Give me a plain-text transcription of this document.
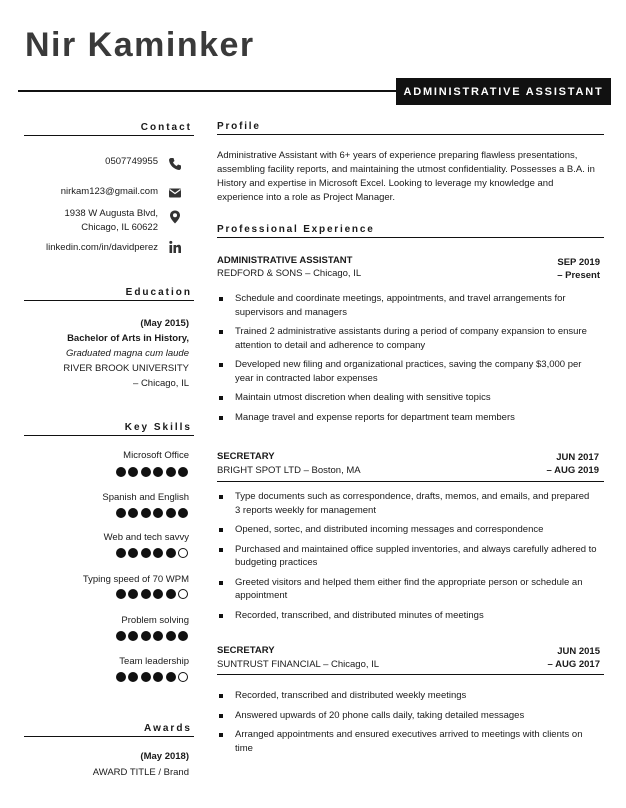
Nir Kaminker
ADMINISTRATIVE ASSISTANT
Contact
0507749955
nirkam123@gmail.com
1938 W Augusta Blvd,
Chicago, IL 60622
linkedin.com/in/davidperez
Education
(May 2015)
Bachelor of Arts in History,
Graduated magna cum laude
RIVER BROOK UNIVERSITY
– Chicago, IL
Key Skills
Microsoft Office
Spanish and English
Web and tech savvy
Typing speed of 70 WPM
Problem solving
Team leadership
Awards
(May 2018)
AWARD TITLE / Brand
Profile
Administrative Assistant with 6+ years of experience preparing flawless presentations, assembling facility reports, and maintaining the utmost confidentiality. Possesses a B.A. in History and expertise in Microsoft Excel. Looking to leverage my knowledge and experience into a role as Project Manager.
Professional Experience
ADMINISTRATIVE ASSISTANT
REDFORD & SONS – Chicago, IL
SEP 2019
– Present
Schedule and coordinate meetings, appointments, and travel arrangements for supervisors and managers
Trained 2 administrative assistants during a period of company expansion to ensure attention to detail and adherence to company
Developed new filing and organizational practices, saving the company $3,000 per year in contracted labor expenses
Maintain utmost discretion when dealing with sensitive topics
Manage travel and expense reports for department team members
SECRETARY
BRIGHT SPOT LTD – Boston, MA
JUN 2017
– AUG 2019
Type documents such as correspondence, drafts, memos, and emails, and prepared 3 reports weekly for management
Opened, sortec, and distributed incoming messages and correspondence
Purchased and maintained office suppled inventories, and always carefully adhered to budgeting practices
Greeted visitors and helped them either find the appropriate person or schedule an appointment
Recorded, transcribed, and distributed minutes of meetings
SECRETARY
SUNTRUST FINANCIAL – Chicago, IL
JUN 2015
– AUG 2017
Recorded, transcribed and distributed weekly meetings
Answered upwards of 20 phone calls daily, taking detailed messages
Arranged appointments and ensured executives arrived to meetings with clients on time
